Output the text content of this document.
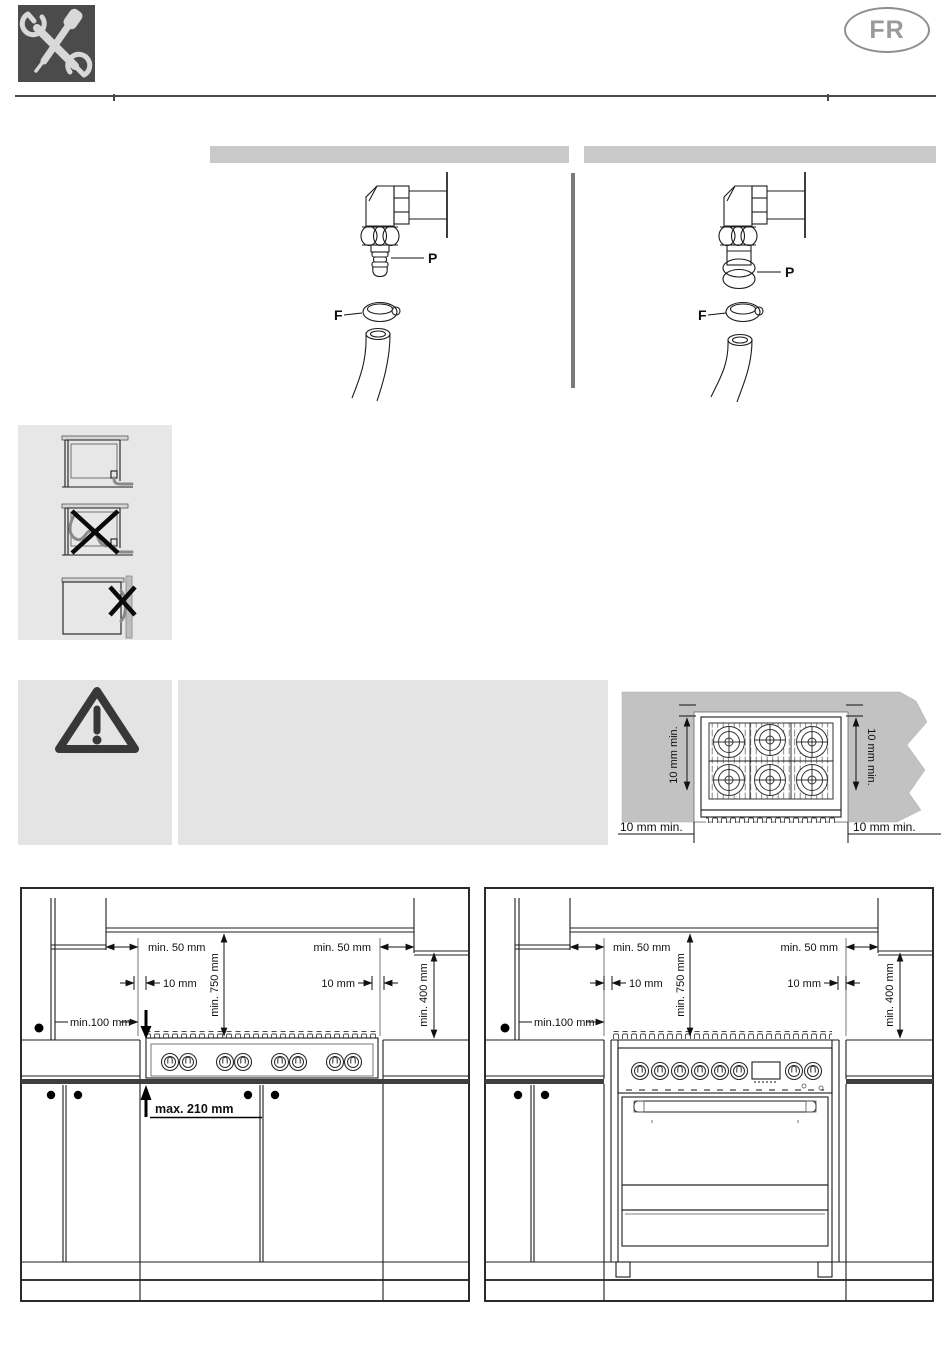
FR
P
F
P
F
10 mm min.	10 mm min.
10 mm min.	10 mm min.
min. 50 mm	min. 50 mm
min. 750 mm
10 mm	10 mm	min. 400 mm
min.100 mm
max. 210 mm
min. 50 mm	min. 50 mm
min. 750 mm
10 mm	10 mm	min. 400 mm
min.100 mm
